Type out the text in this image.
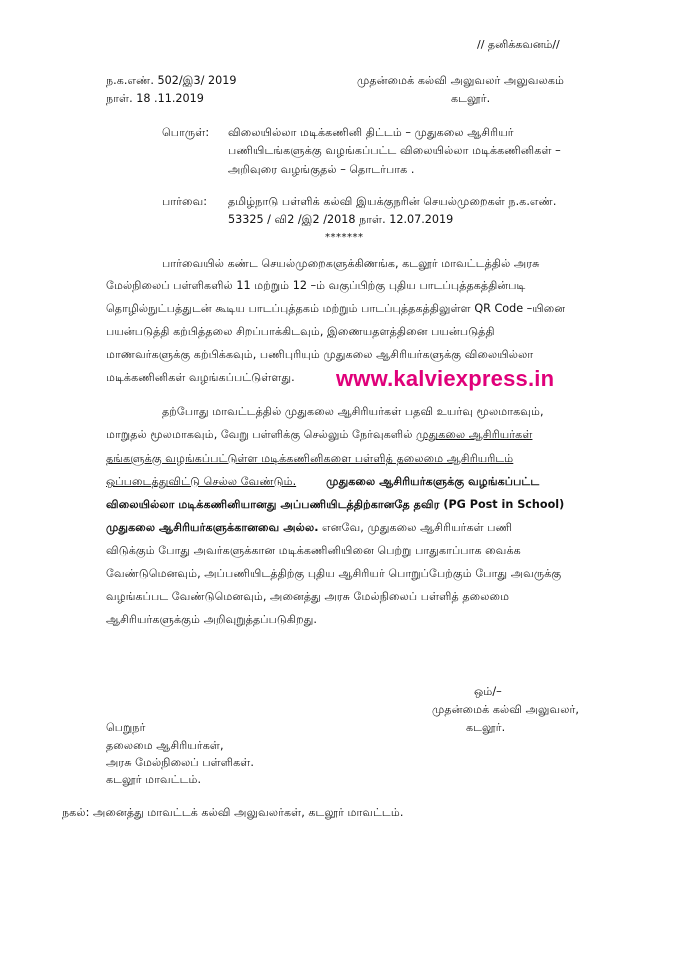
// தனிக்கவனம்//
ந.க.எண். 502/இ3/ 2019	முதன்மைக் கல்வி அலுவலர் அலுவலகம்
நாள். 18 .11.2019	கடலூர்.
பொருள்: விலையில்லா மடிக்கணினி திட்டம் – முதுகலை ஆசிரியர்
பணியிடங்களுக்கு வழங்கப்பட்ட விலையில்லா மடிக்கணினிகள் –
அறிவுரை வழங்குதல் – தொடர்பாக .
பார்வை: தமிழ்நாடு பள்ளிக் கல்வி இயக்குநரின் செயல்முறைகள் ந.க.எண்.
53325 / வி2 /இ2 /2018 நாள். 12.07.2019
*******
பார்வையில் கண்ட செயல்முறைகளுக்கிணங்க, கடலூர் மாவட்டத்தில் அரசு
மேல்நிலைப் பள்ளிகளில் 11 மற்றும் 12 –ம் வகுப்பிற்கு புதிய பாடப்புத்தகத்தின்படி
தொழில்நுட்பத்துடன் கூடிய பாடப்புத்தகம் மற்றும் பாடப்புத்தகத்திலுள்ள QR Code –யினை
பயன்படுத்தி கற்பித்தலை சிறப்பாக்கிடவும், இணையதளத்தினை பயன்படுத்தி
மாணவர்களுக்கு கற்பிக்கவும், பணிபுரியும் முதுகலை ஆசிரியர்களுக்கு விலையில்லா
மடிக்கணினிகள் வழங்கப்பட்டுள்ளது. www.kalviexpress.in
தற்போது மாவட்டத்தில் முதுகலை ஆசிரியர்கள் பதவி உயர்வு மூலமாகவும்,
மாறுதல் மூலமாகவும், வேறு பள்ளிக்கு செல்லும் நேர்வுகளில் முதுகலை ஆசிரியர்கள்
தங்களுக்கு வழங்கப்பட்டுள்ள மடிக்கணினிகளை பள்ளித் தலைமை ஆசிரியரிடம்
ஒப்படைத்துவிட்டு செல்ல வேண்டும்.	முதுகலை ஆசிரியர்களுக்கு வழங்கப்பட்ட
விலையில்லா மடிக்கணினியானது அப்பணியிடத்திற்கானதே தவிர (PG Post in School)
முதுகலை ஆசிரியர்களுக்கானவை அல்ல. எனவே, முதுகலை ஆசிரியர்கள் பணி
விடுக்கும் போது அவர்களுக்கான மடிக்கணினியினை பெற்று பாதுகாப்பாக வைக்க
வேண்டுமெனவும், அப்பணியிடத்திற்கு புதிய ஆசிரியர் பொறுப்பேற்கும் போது அவருக்கு
வழங்கப்பட வேண்டுமெனவும், அனைத்து அரசு மேல்நிலைப் பள்ளித் தலைமை
ஆசிரியர்களுக்கும் அறிவுறுத்தப்படுகிறது.
ஒம்/–
முதன்மைக் கல்வி அலுவலர்,
கடலூர்.
பெறுநர்
தலைமை ஆசிரியர்கள்,
அரசு மேல்நிலைப் பள்ளிகள்.
கடலூர் மாவட்டம்.
நகல்: அனைத்து மாவட்டக் கல்வி அலுவலர்கள், கடலூர் மாவட்டம்.
